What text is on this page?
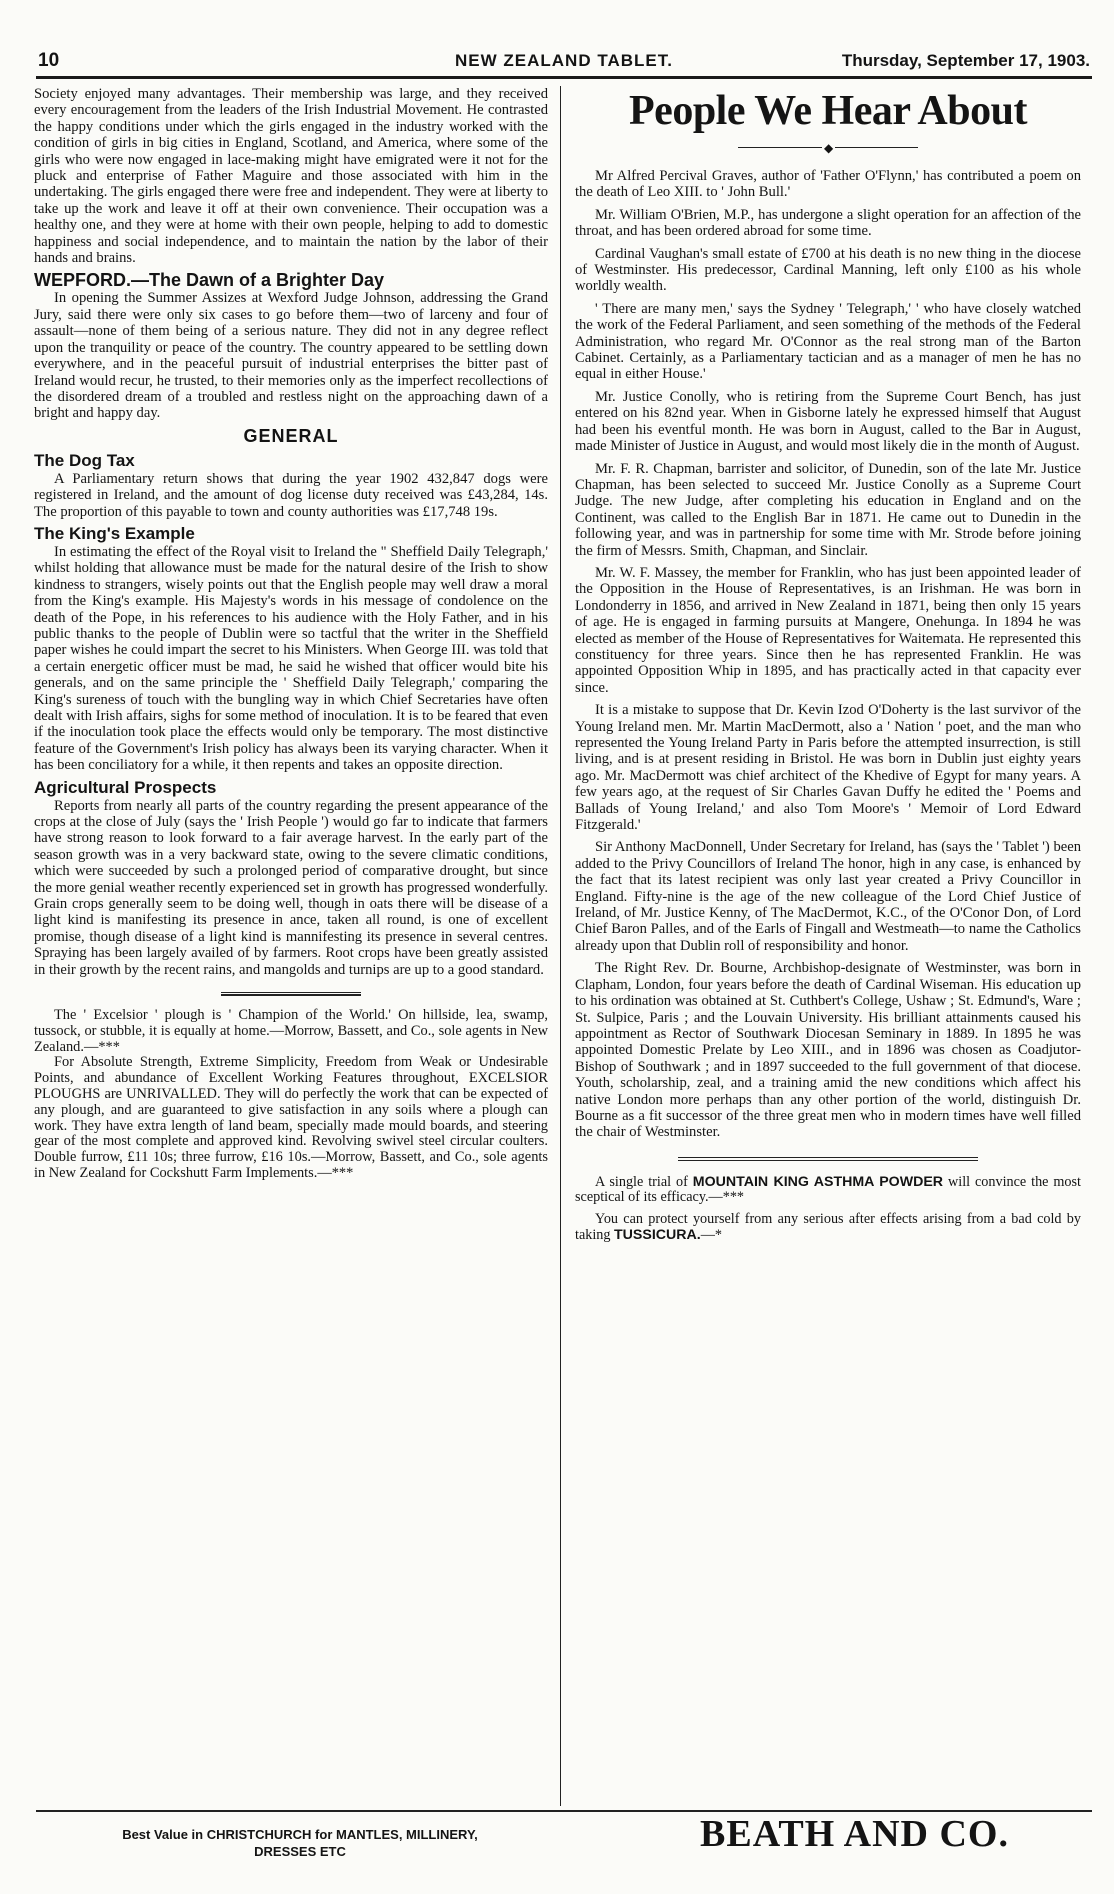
10	NEW ZEALAND TABLET.	Thursday, September 17, 1903.

Society enjoyed many advantages. Their membership was large, and they received every encouragement from the leaders of the Irish Industrial Movement. He contrasted the happy conditions under which the girls engaged in the industry worked with the condition of girls in big cities in England, Scotland, and America, where some of the girls who were now engaged in lace-making might have emigrated were it not for the pluck and enterprise of Father Maguire and those associated with him in the undertaking. The girls engaged there were free and independent. They were at liberty to take up the work and leave it off at their own convenience. Their occupation was a healthy one, and they were at home with their own people, helping to add to domestic happiness and social independence, and to maintain the nation by the labor of their hands and brains.

WEPFORD.—The Dawn of a Brighter Day

In opening the Summer Assizes at Wexford Judge Johnson, addressing the Grand Jury, said there were only six cases to go before them—two of larceny and four of assault—none of them being of a serious nature. They did not in any degree reflect upon the tranquility or peace of the country. The country appeared to be settling down everywhere, and in the peaceful pursuit of industrial enterprises the bitter past of Ireland would recur, he trusted, to their memories only as the imperfect recollections of the disordered dream of a troubled and restless night on the approaching dawn of a bright and happy day.

GENERAL
The Dog Tax

A Parliamentary return shows that during the year 1902 432,847 dogs were registered in Ireland, and the amount of dog license duty received was £43,284, 14s. The proportion of this payable to town and county authorities was £17,748 19s.

The King's Example

In estimating the effect of the Royal visit to Ireland the " Sheffield Daily Telegraph,' whilst holding that allowance must be made for the natural desire of the Irish to show kindness to strangers, wisely points out that the English people may well draw a moral from the King's example. His Majesty's words in his message of condolence on the death of the Pope, in his references to his audience with the Holy Father, and in his public thanks to the people of Dublin were so tactful that the writer in the Sheffield paper wishes he could impart the secret to his Ministers. When George III. was told that a certain energetic officer must be mad, he said he wished that officer would bite his generals, and on the same principle the ' Sheffield Daily Telegraph,' comparing the King's sureness of touch with the bungling way in which Chief Secretaries have often dealt with Irish affairs, sighs for some method of inoculation. It is to be feared that even if the inoculation took place the effects would only be temporary. The most distinctive feature of the Government's Irish policy has always been its varying character. When it has been conciliatory for a while, it then repents and takes an opposite direction.

Agricultural Prospects

Reports from nearly all parts of the country regarding the present appearance of the crops at the close of July (says the ' Irish People ') would go far to indicate that farmers have strong reason to look forward to a fair average harvest. In the early part of the season growth was in a very backward state, owing to the severe climatic conditions, which were succeeded by such a prolonged period of comparative drought, but since the more genial weather recently experienced set in growth has progressed wonderfully. Grain crops generally seem to be doing well, though in oats there will be disease of a light kind is manifesting its presence in ance, taken all round, is one of excellent promise, though disease of a light kind is mannifesting its presence in several centres. Spraying has been largely availed of by farmers. Root crops have been greatly assisted in their growth by the recent rains, and mangolds and turnips are up to a good standard.

The ' Excelsior ' plough is ' Champion of the World.' On hillside, lea, swamp, tussock, or stubble, it is equally at home.—Morrow, Bassett, and Co., sole agents in New Zealand.—***

For Absolute Strength, Extreme Simplicity, Freedom from Weak or Undesirable Points, and abundance of Excellent Working Features throughout, EXCELSIOR PLOUGHS are UNRIVALLED. They will do perfectly the work that can be expected of any plough, and are guaranteed to give satisfaction in any soils where a plough can work. They have extra length of land beam, specially made mould boards, and steering gear of the most complete and approved kind. Revolving swivel steel circular coulters. Double furrow, £11 10s; three furrow, £16 10s.—Morrow, Bassett, and Co., sole agents in New Zealand for Cockshutt Farm Implements.—***

People We Hear About
◆

Mr Alfred Percival Graves, author of 'Father O'Flynn,' has contributed a poem on the death of Leo XIII. to ' John Bull.'

Mr. William O'Brien, M.P., has undergone a slight operation for an affection of the throat, and has been ordered abroad for some time.

Cardinal Vaughan's small estate of £700 at his death is no new thing in the diocese of Westminster. His predecessor, Cardinal Manning, left only £100 as his whole worldly wealth.

' There are many men,' says the Sydney ' Telegraph,' ' who have closely watched the work of the Federal Parliament, and seen something of the methods of the Federal Administration, who regard Mr. O'Connor as the real strong man of the Barton Cabinet. Certainly, as a Parliamentary tactician and as a manager of men he has no equal in either House.'

Mr. Justice Conolly, who is retiring from the Supreme Court Bench, has just entered on his 82nd year. When in Gisborne lately he expressed himself that August had been his eventful month. He was born in August, called to the Bar in August, made Minister of Justice in August, and would most likely die in the month of August.

Mr. F. R. Chapman, barrister and solicitor, of Dunedin, son of the late Mr. Justice Chapman, has been selected to succeed Mr. Justice Conolly as a Supreme Court Judge. The new Judge, after completing his education in England and on the Continent, was called to the English Bar in 1871. He came out to Dunedin in the following year, and was in partnership for some time with Mr. Strode before joining the firm of Messrs. Smith, Chapman, and Sinclair.

Mr. W. F. Massey, the member for Franklin, who has just been appointed leader of the Opposition in the House of Representatives, is an Irishman. He was born in Londonderry in 1856, and arrived in New Zealand in 1871, being then only 15 years of age. He is engaged in farming pursuits at Mangere, Onehunga. In 1894 he was elected as member of the House of Representatives for Waitemata. He represented this constituency for three years. Since then he has represented Franklin. He was appointed Opposition Whip in 1895, and has practically acted in that capacity ever since.

It is a mistake to suppose that Dr. Kevin Izod O'Doherty is the last survivor of the Young Ireland men. Mr. Martin MacDermott, also a ' Nation ' poet, and the man who represented the Young Ireland Party in Paris before the attempted insurrection, is still living, and is at present residing in Bristol. He was born in Dublin just eighty years ago. Mr. MacDermott was chief architect of the Khedive of Egypt for many years. A few years ago, at the request of Sir Charles Gavan Duffy he edited the ' Poems and Ballads of Young Ireland,' and also Tom Moore's ' Memoir of Lord Edward Fitzgerald.'

Sir Anthony MacDonnell, Under Secretary for Ireland, has (says the ' Tablet ') been added to the Privy Councillors of Ireland The honor, high in any case, is enhanced by the fact that its latest recipient was only last year created a Privy Councillor in England. Fifty-nine is the age of the new colleague of the Lord Chief Justice of Ireland, of Mr. Justice Kenny, of The MacDermot, K.C., of the O'Conor Don, of Lord Chief Baron Palles, and of the Earls of Fingall and Westmeath—to name the Catholics already upon that Dublin roll of responsibility and honor.

The Right Rev. Dr. Bourne, Archbishop-designate of Westminster, was born in Clapham, London, four years before the death of Cardinal Wiseman. His education up to his ordination was obtained at St. Cuthbert's College, Ushaw ; St. Edmund's, Ware ; St. Sulpice, Paris ; and the Louvain University. His brilliant attainments caused his appointment as Rector of Southwark Diocesan Seminary in 1889. In 1895 he was appointed Domestic Prelate by Leo XIII., and in 1896 was chosen as Coadjutor-Bishop of Southwark ; and in 1897 succeeded to the full government of that diocese. Youth, scholarship, zeal, and a training amid the new conditions which affect his native London more perhaps than any other portion of the world, distinguish Dr. Bourne as a fit successor of the three great men who in modern times have well filled the chair of Westminster.

A single trial of MOUNTAIN KING ASTHMA POWDER will convince the most sceptical of its efficacy.—***

You can protect yourself from any serious after effects arising from a bad cold by taking TUSSICURA.—*

Best Value in CHRISTCHURCH for MANTLES, MILLINERY,
DRESSES ETC	BEATH AND CO.
